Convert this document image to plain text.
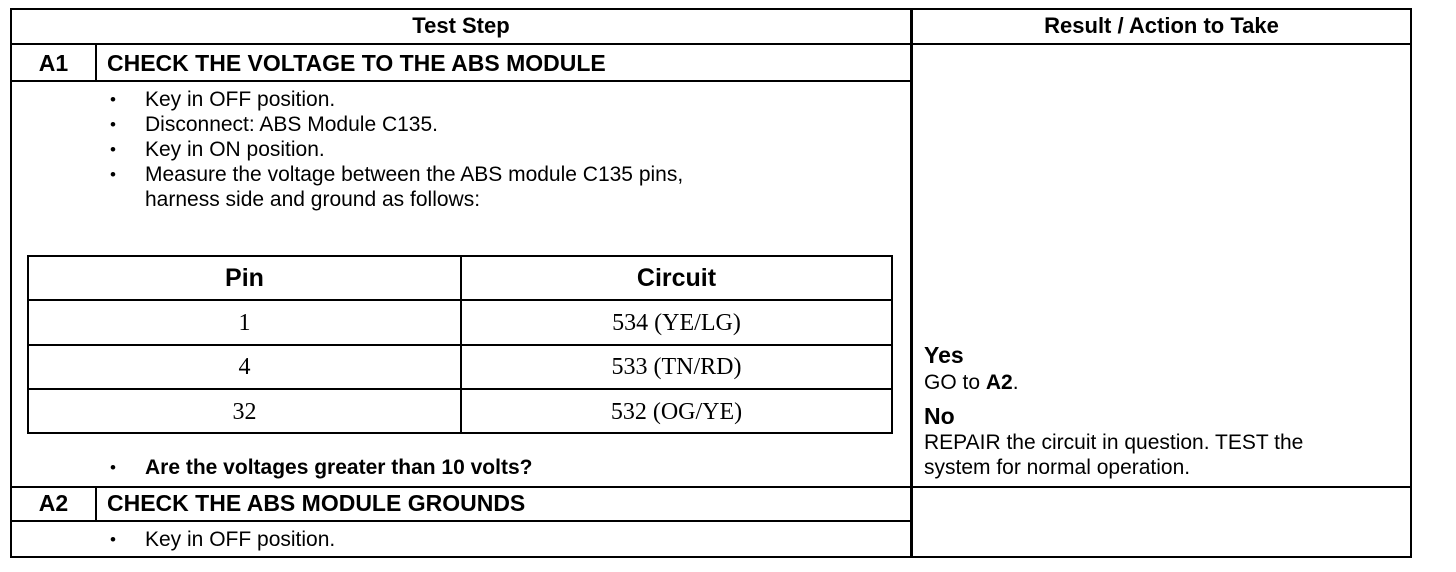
Test Step	Result / Action to Take
A1	CHECK THE VOLTAGE TO THE ABS MODULE
• Key in OFF position.
• Disconnect: ABS Module C135.
• Key in ON position.
• Measure the voltage between the ABS module C135 pins,
harness side and ground as follows:
Pin	Circuit
1	534 (YE/LG)
4	533 (TN/RD)
32	532 (OG/YE)
• Are the voltages greater than 10 volts?
Yes
GO to A2.
No
REPAIR the circuit in question. TEST the
system for normal operation.
A2	CHECK THE ABS MODULE GROUNDS
• Key in OFF position.
